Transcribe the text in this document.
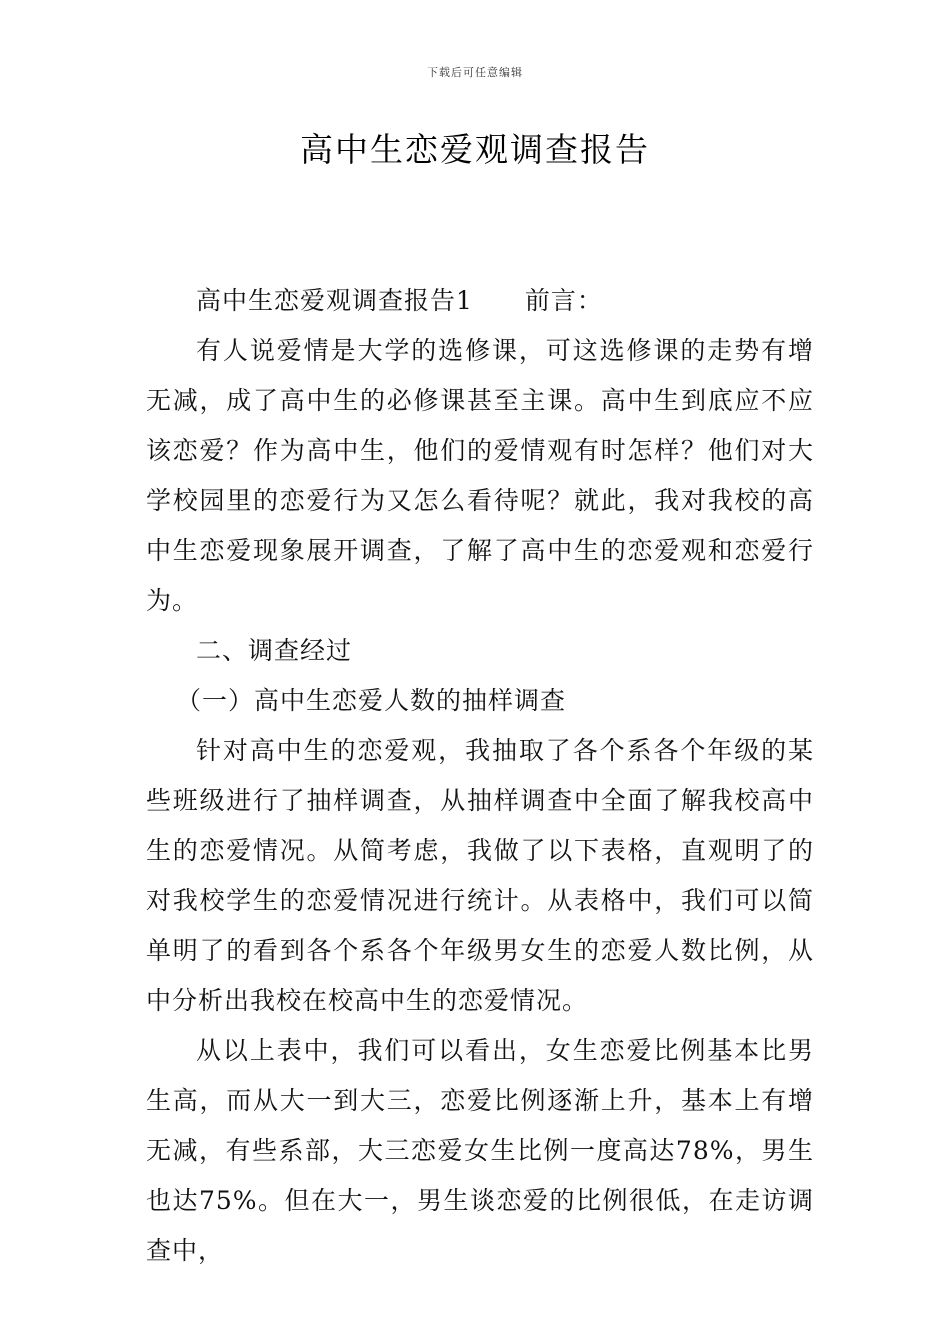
下载后可任意编辑
高中生恋爱观调查报告

高中生恋爱观调查报告1 前言：

有人说爱情是大学的选修课，可这选修课的走势有增无减，成了高中生的必修课甚至主课。高中生到底应不应该恋爱？作为高中生，他们的爱情观有时怎样？他们对大学校园里的恋爱行为又怎么看待呢？就此，我对我校的高中生恋爱现象展开调查，了解了高中生的恋爱观和恋爱行为。

二、调查经过

（一）高中生恋爱人数的抽样调查

针对高中生的恋爱观，我抽取了各个系各个年级的某些班级进行了抽样调查，从抽样调查中全面了解我校高中生的恋爱情况。从简考虑，我做了以下表格，直观明了的对我校学生的恋爱情况进行统计。从表格中，我们可以简单明了的看到各个系各个年级男女生的恋爱人数比例，从中分析出我校在校高中生的恋爱情况。

从以上表中，我们可以看出，女生恋爱比例基本比男生高，而从大一到大三，恋爱比例逐渐上升，基本上有增无减，有些系部，大三恋爱女生比例一度高达78%，男生也达75%。但在大一，男生谈恋爱的比例很低，在走访调查中，
